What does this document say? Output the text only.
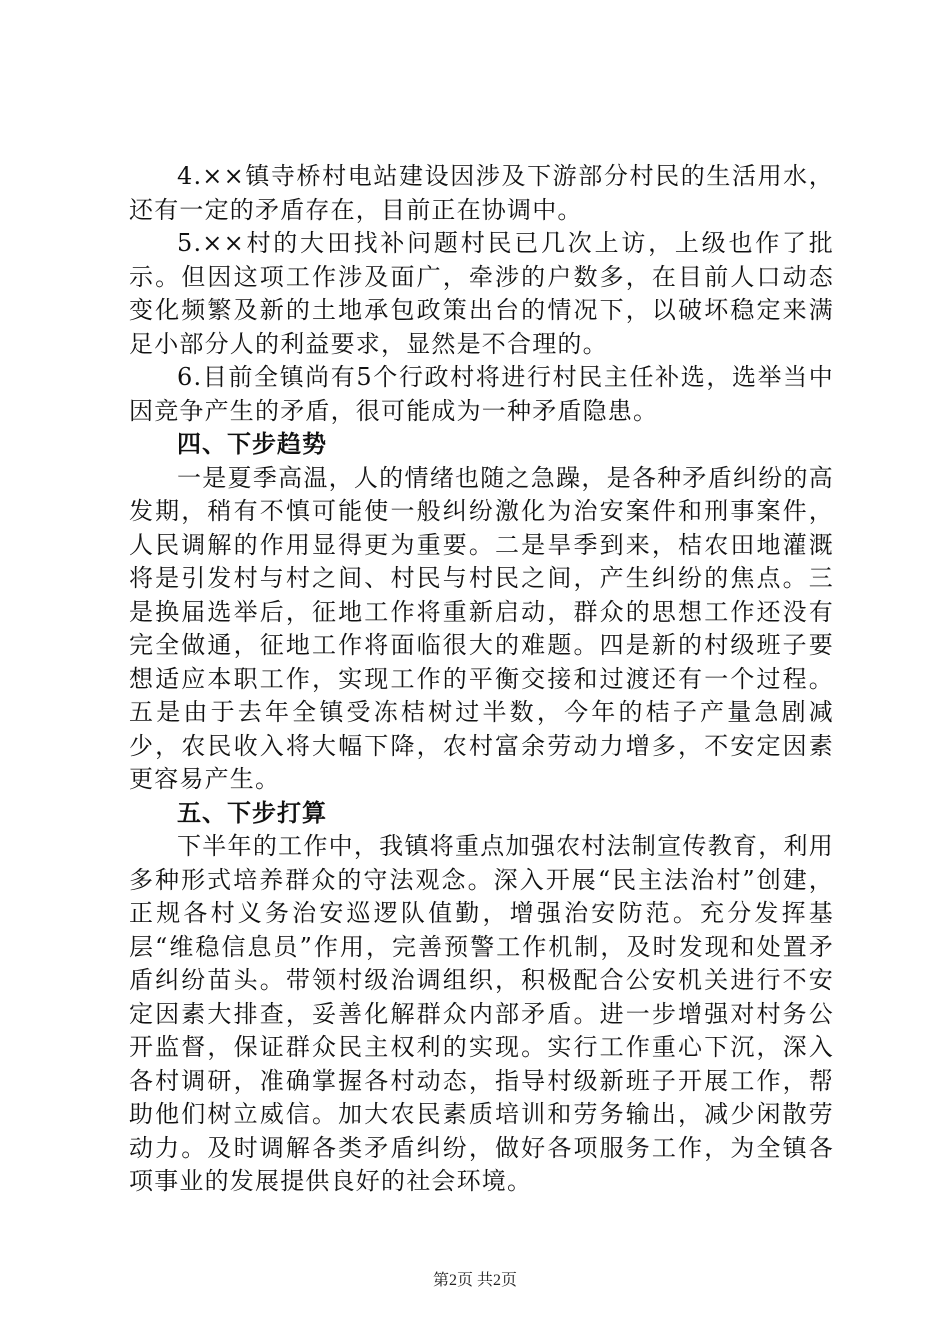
4.××镇寺桥村电站建设因涉及下游部分村民的生活用水，还有一定的矛盾存在，目前正在协调中。

5.××村的大田找补问题村民已几次上访，上级也作了批示。但因这项工作涉及面广，牵涉的户数多，在目前人口动态变化频繁及新的土地承包政策出台的情况下，以破坏稳定来满足小部分人的利益要求，显然是不合理的。

6.目前全镇尚有5个行政村将进行村民主任补选，选举当中因竞争产生的矛盾，很可能成为一种矛盾隐患。

四、下步趋势

一是夏季高温，人的情绪也随之急躁，是各种矛盾纠纷的高发期，稍有不慎可能使一般纠纷激化为治安案件和刑事案件，人民调解的作用显得更为重要。二是旱季到来，桔农田地灌溉将是引发村与村之间、村民与村民之间，产生纠纷的焦点。三是换届选举后，征地工作将重新启动，群众的思想工作还没有完全做通，征地工作将面临很大的难题。四是新的村级班子要想适应本职工作，实现工作的平衡交接和过渡还有一个过程。五是由于去年全镇受冻桔树过半数，今年的桔子产量急剧减少，农民收入将大幅下降，农村富余劳动力增多，不安定因素更容易产生。

五、下步打算

下半年的工作中，我镇将重点加强农村法制宣传教育，利用多种形式培养群众的守法观念。深入开展“民主法治村”创建，正规各村义务治安巡逻队值勤，增强治安防范。充分发挥基层“维稳信息员”作用，完善预警工作机制，及时发现和处置矛盾纠纷苗头。带领村级治调组织，积极配合公安机关进行不安定因素大排查，妥善化解群众内部矛盾。进一步增强对村务公开监督，保证群众民主权利的实现。实行工作重心下沉，深入各村调研，准确掌握各村动态，指导村级新班子开展工作，帮助他们树立威信。加大农民素质培训和劳务输出，减少闲散劳动力。及时调解各类矛盾纠纷，做好各项服务工作，为全镇各项事业的发展提供良好的社会环境。

第2页 共2页
